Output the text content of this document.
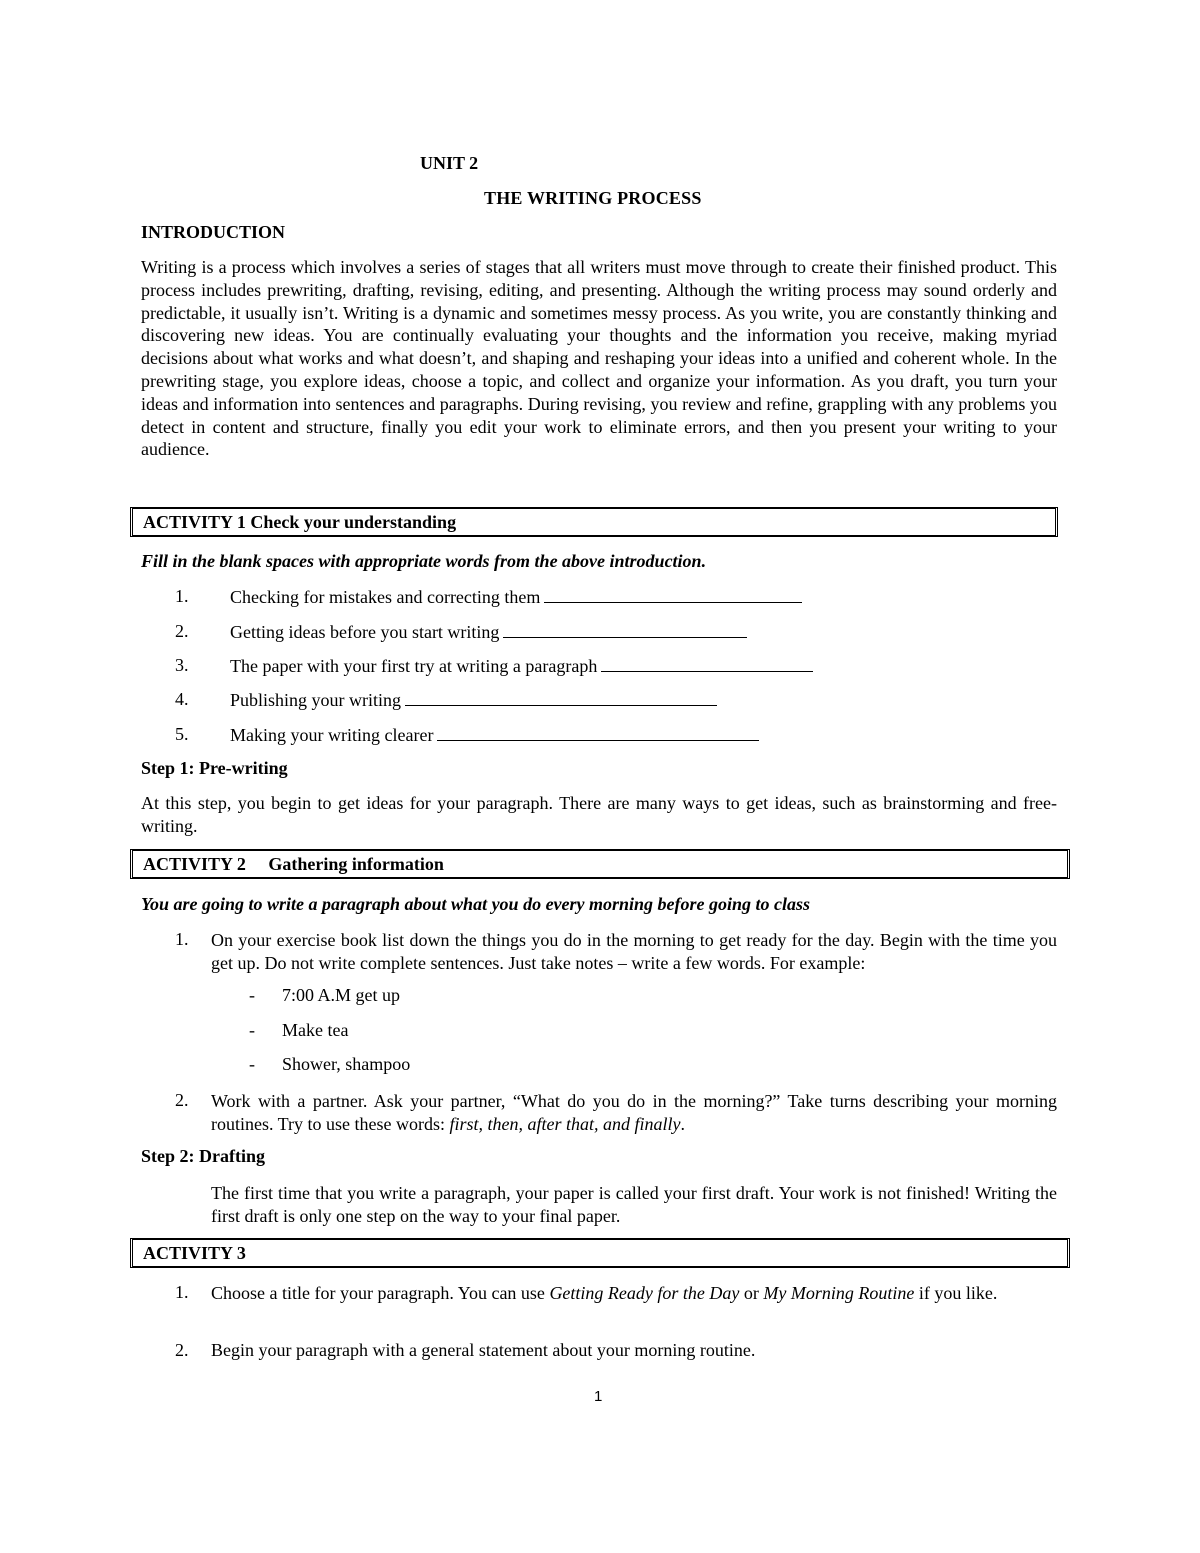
UNIT 2
THE WRITING PROCESS
INTRODUCTION
Writing is a process which involves a series of stages that all writers must move through to create their finished product. This process includes prewriting, drafting, revising, editing, and presenting. Although the writing process may sound orderly and predictable, it usually isn’t. Writing is a dynamic and sometimes messy process. As you write, you are constantly thinking and discovering new ideas. You are continually evaluating your thoughts and the information you receive, making myriad decisions about what works and what doesn’t, and shaping and reshaping your ideas into a unified and coherent whole. In the prewriting stage, you explore ideas, choose a topic, and collect and organize your information. As you draft, you turn your ideas and information into sentences and paragraphs. During revising, you review and refine, grappling with any problems you detect in content and structure, finally you edit your work to eliminate errors, and then you present your writing to your audience.
ACTIVITY 1 Check your understanding
Fill in the blank spaces with appropriate words from the above introduction.
1. Checking for mistakes and correcting them
2. Getting ideas before you start writing
3. The paper with your first try at writing a paragraph
4. Publishing your writing
5. Making your writing clearer
Step 1: Pre-writing
At this step, you begin to get ideas for your paragraph. There are many ways to get ideas, such as brainstorming and free-writing.
ACTIVITY 2     Gathering information
You are going to write a paragraph about what you do every morning before going to class
1. On your exercise book list down the things you do in the morning to get ready for the day. Begin with the time you get up. Do not write complete sentences. Just take notes – write a few words. For example:
- 7:00 A.M get up
- Make tea
- Shower, shampoo
2. Work with a partner. Ask your partner, “What do you do in the morning?” Take turns describing your morning routines. Try to use these words: first, then, after that, and finally.
Step 2: Drafting
The first time that you write a paragraph, your paper is called your first draft. Your work is not finished! Writing the first draft is only one step on the way to your final paper.
ACTIVITY 3
1. Choose a title for your paragraph. You can use Getting Ready for the Day or My Morning Routine if you like.
2. Begin your paragraph with a general statement about your morning routine.
1
